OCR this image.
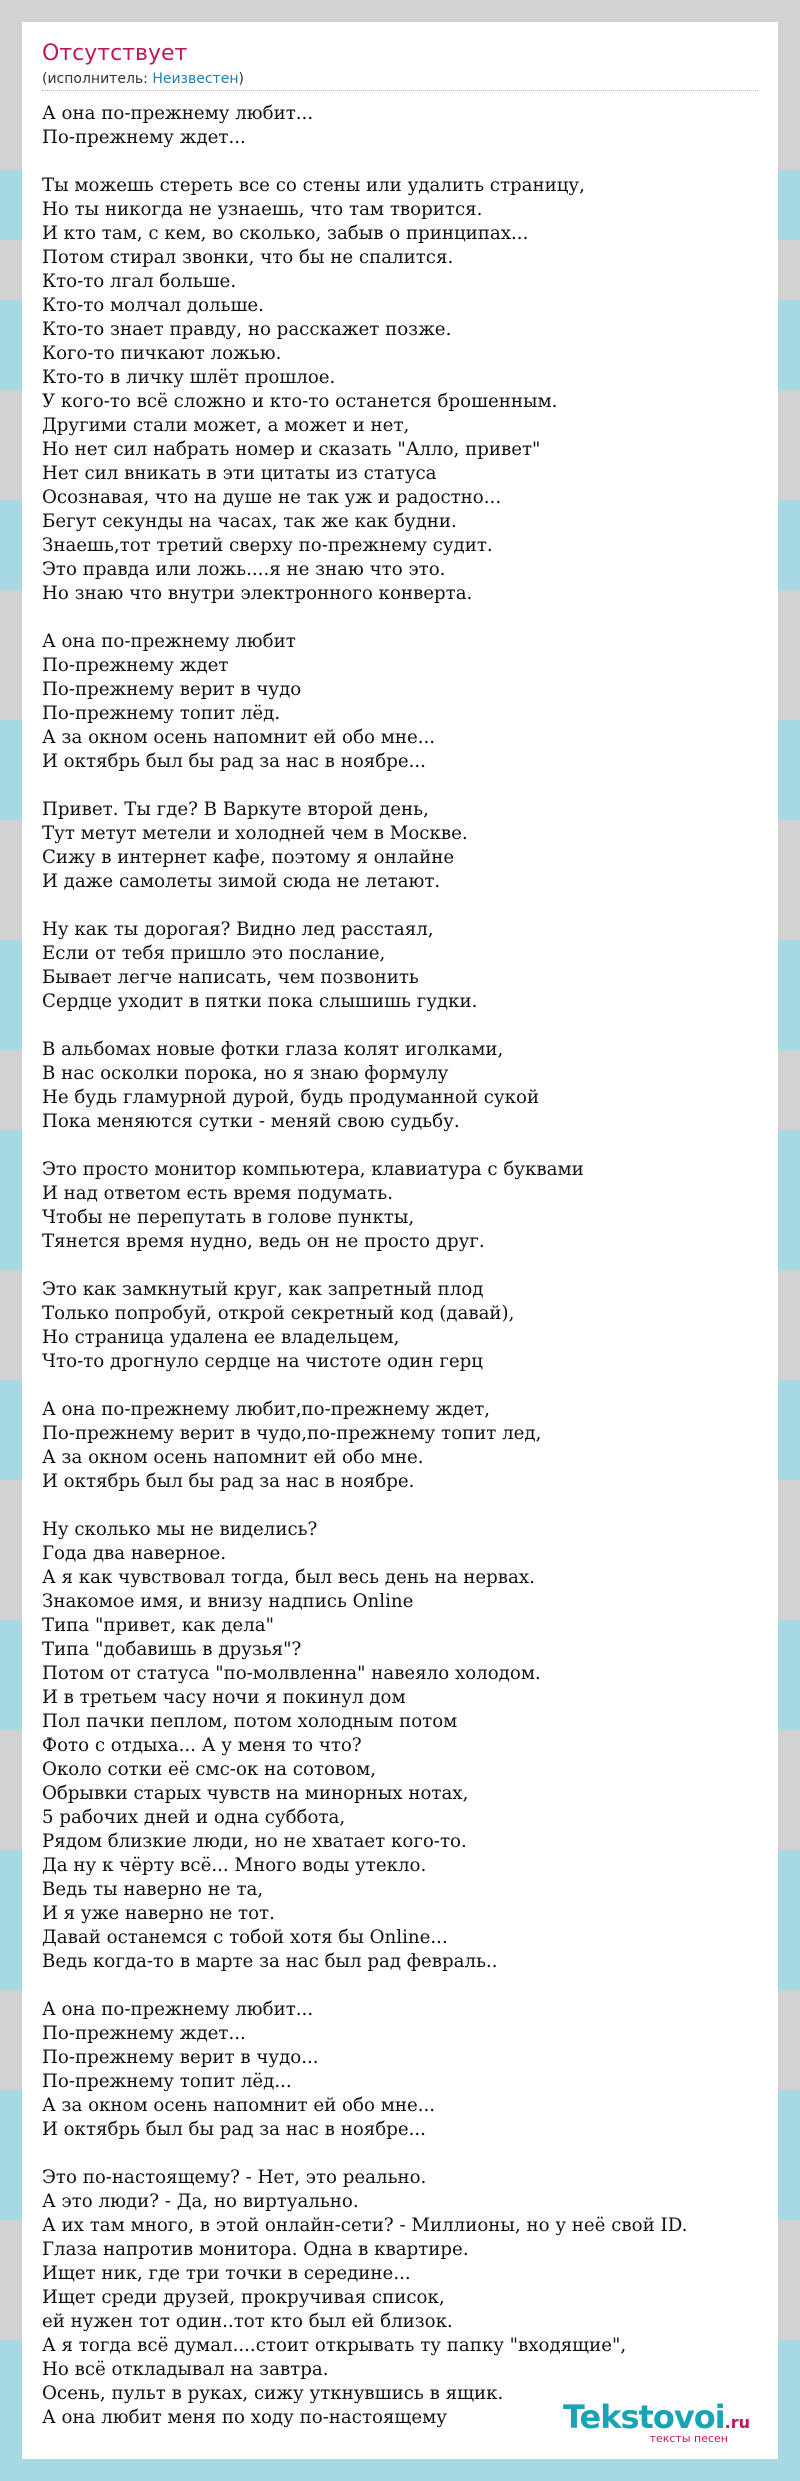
Отсутствует
(исполнитель: Неизвестен)
А она по-прежнему любит...
По-прежнему ждет...
Ты можешь стереть все со стены или удалить страницу,
Но ты никогда не узнаешь, что там творится.
И кто там, с кем, во сколько, забыв о принципах...
Потом стирал звонки, что бы не спалится.
Кто-то лгал больше.
Кто-то молчал дольше.
Кто-то знает правду, но расскажет позже.
Кого-то пичкают ложью.
Кто-то в личку шлёт прошлое.
У кого-то всё сложно и кто-то останется брошенным.
Другими стали может, а может и нет,
Но нет сил набрать номер и сказать "Алло, привет"
Нет сил вникать в эти цитаты из статуса
Осознавая, что на душе не так уж и радостно...
Бегут секунды на часах, так же как будни.
Знаешь,тот третий сверху по-прежнему судит.
Это правда или ложь....я не знаю что это.
Но знаю что внутри электронного конверта.
А она по-прежнему любит
По-прежнему ждет
По-прежнему верит в чудо
По-прежнему топит лёд.
А за окном осень напомнит ей обо мне...
И октябрь был бы рад за нас в ноябре...
Привет. Ты где? В Варкуте второй день,
Тут метут метели и холодней чем в Москве.
Сижу в интернет кафе, поэтому я онлайне
И даже самолеты зимой сюда не летают.
Ну как ты дорогая? Видно лед расстаял,
Если от тебя пришло это послание,
Бывает легче написать, чем позвонить
Сердце уходит в пятки пока слышишь гудки.
В альбомах новые фотки глаза колят иголками,
В нас осколки порока, но я знаю формулу
Не будь гламурной дурой, будь продуманной сукой
Пока меняются сутки - меняй свою судьбу.
Это просто монитор компьютера, клавиатура с буквами
И над ответом есть время подумать.
Чтобы не перепутать в голове пункты,
Тянется время нудно, ведь он не просто друг.
Это как замкнутый круг, как запретный плод
Только попробуй, открой секретный код (давай),
Но страница удалена ее владельцем,
Что-то дрогнуло сердце на чистоте один герц
А она по-прежнему любит,по-прежнему ждет,
По-прежнему верит в чудо,по-прежнему топит лед,
А за окном осень напомнит ей обо мне.
И октябрь был бы рад за нас в ноябре.
Ну сколько мы не виделись?
Года два наверное.
А я как чувствовал тогда, был весь день на нервах.
Знакомое имя, и внизу надпись Online
Типа "привет, как дела"
Типа "добавишь в друзья"?
Потом от статуса "по-молвленна" навеяло холодом.
И в третьем часу ночи я покинул дом
Пол пачки пеплом, потом холодным потом
Фото с отдыха... А у меня то что?
Около сотки её смс-ок на сотовом,
Обрывки старых чувств на минорных нотах,
5 рабочих дней и одна суббота,
Рядом близкие люди, но не хватает кого-то.
Да ну к чёрту всё... Много воды утекло.
Ведь ты наверно не та,
И я уже наверно не тот.
Давай останемся с тобой хотя бы Online...
Ведь когда-то в марте за нас был рад февраль..
А она по-прежнему любит...
По-прежнему ждет...
По-прежнему верит в чудо...
По-прежнему топит лёд...
А за окном осень напомнит ей обо мне...
И октябрь был бы рад за нас в ноябре...
Это по-настоящему? - Нет, это реально.
А это люди? - Да, но виртуально.
А их там много, в этой онлайн-сети? - Миллионы, но у неё свой ID.
Глаза напротив монитора. Одна в квартире.
Ищет ник, где три точки в середине...
Ищет среди друзей, прокручивая список,
ей нужен тот один..тот кто был ей близок.
А я тогда всё думал....стоит открывать ту папку "входящие",
Но всё откладывал на завтра.
Осень, пульт в руках, сижу уткнувшись в ящик.
А она любит меня по ходу по-настоящему	Tekstovoi.ru
тексты песен
